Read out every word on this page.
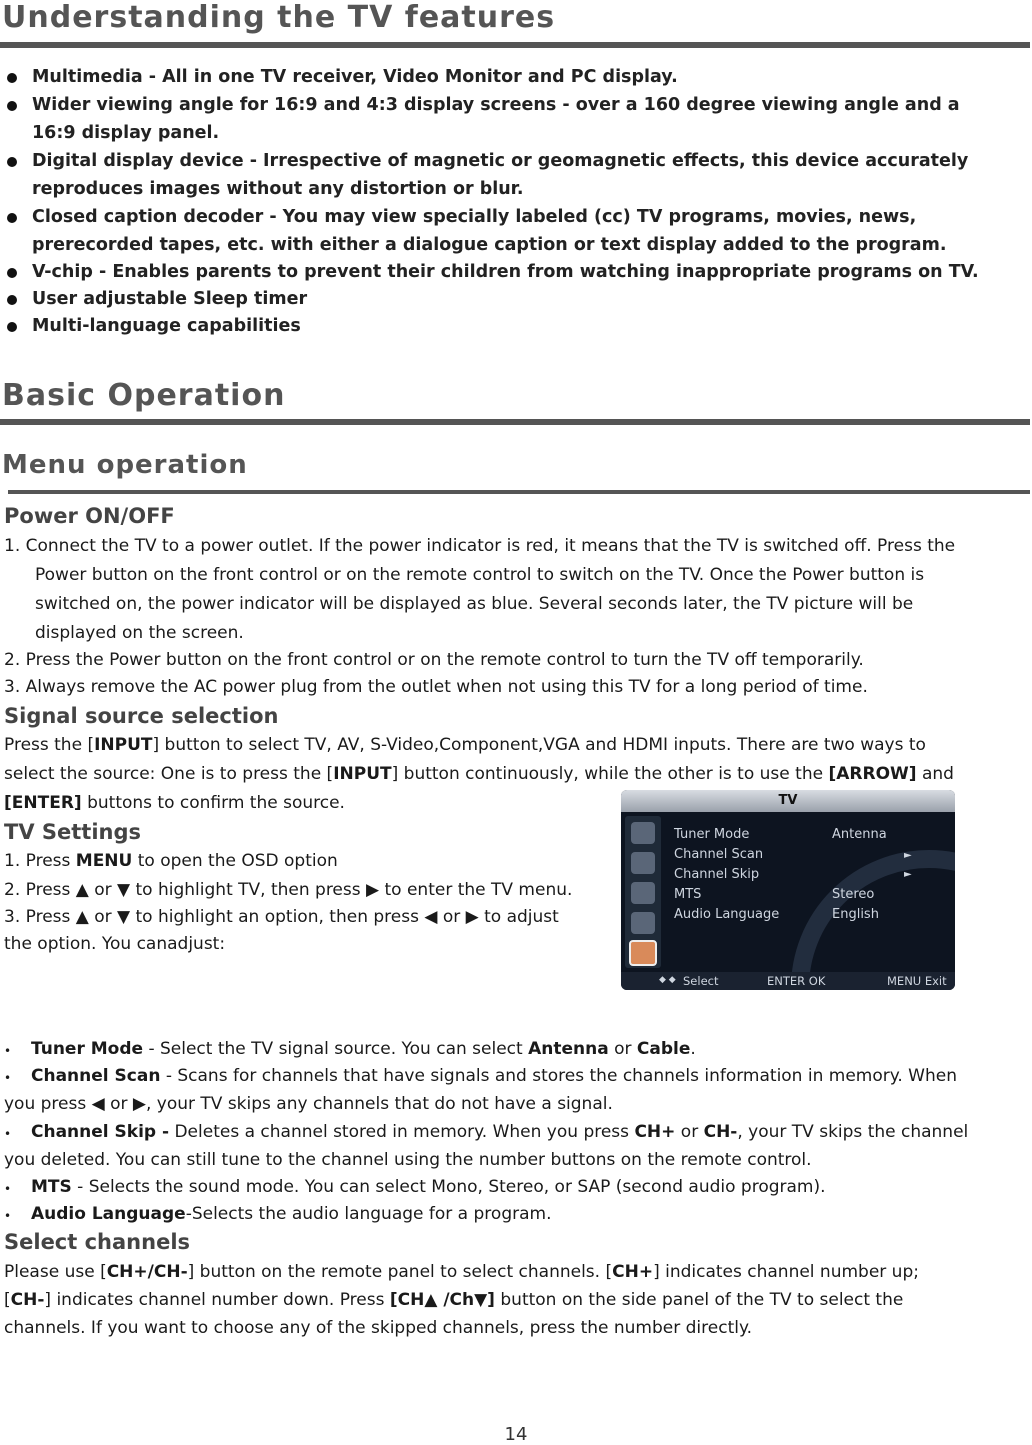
Understanding the TV features
Multimedia - All in one TV receiver, Video Monitor and PC display.
Wider viewing angle for 16:9 and 4:3 display screens - over a 160 degree viewing angle and a
16:9 display panel.
Digital display device - Irrespective of magnetic or geomagnetic effects, this device accurately
reproduces images without any distortion or blur.
Closed caption decoder - You may view specially labeled (cc) TV programs, movies, news,
prerecorded tapes, etc. with either a dialogue caption or text display added to the program.
V-chip - Enables parents to prevent their children from watching inappropriate programs on TV.
User adjustable Sleep timer
Multi-language capabilities
Basic Operation
Menu operation
Power ON/OFF
1. Connect the TV to a power outlet. If the power indicator is red, it means that the TV is switched off. Press the
Power button on the front control or on the remote control to switch on the TV. Once the Power button is
switched on, the power indicator will be displayed as blue. Several seconds later, the TV picture will be
displayed on the screen.
2. Press the Power button on the front control or on the remote control to turn the TV off temporarily.
3. Always remove the AC power plug from the outlet when not using this TV for a long period of time.
Signal source selection
Press the [INPUT] button to select TV, AV, S-Video,Component,VGA and HDMI inputs. There are two ways to
select the source: One is to press the [INPUT] button continuously, while the other is to use the [ARROW] and
[ENTER] buttons to confirm the source.
TV Settings
1. Press MENU to open the OSD option
2. Press ▲ or ▼ to highlight TV, then press ▶ to enter the TV menu.
3. Press ▲ or ▼ to highlight an option, then press ◀ or ▶ to adjust
the option. You canadjust:
TV
Tuner Mode	Antenna
Channel Scan	►
Channel Skip	►
MTS	Stereo
Audio Language	English
◆ ◆ Select	ENTER OK	MENU Exit
• Tuner Mode - Select the TV signal source. You can select Antenna or Cable.
• Channel Scan - Scans for channels that have signals and stores the channels information in memory. When
you press ◀ or ▶, your TV skips any channels that do not have a signal.
• Channel Skip - Deletes a channel stored in memory. When you press CH+ or CH-, your TV skips the channel
you deleted. You can still tune to the channel using the number buttons on the remote control.
• MTS - Selects the sound mode. You can select Mono, Stereo, or SAP (second audio program).
• Audio Language-Selects the audio language for a program.
Select channels
Please use [CH+/CH-] button on the remote panel to select channels. [CH+] indicates channel number up;
[CH-] indicates channel number down. Press [CH▲ /Ch▼] button on the side panel of the TV to select the
channels. If you want to choose any of the skipped channels, press the number directly.
14
